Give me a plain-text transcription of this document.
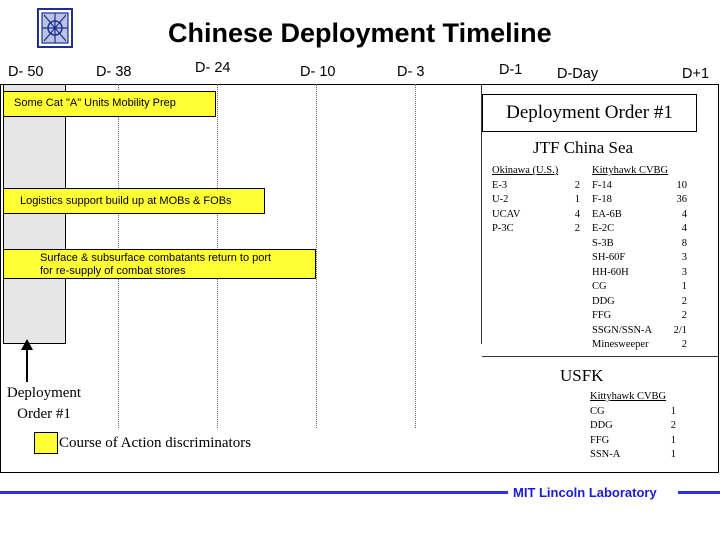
Chinese Deployment Timeline
D- 50	D- 38	D- 24	D- 10	D- 3	D-1 D-Day	D+1
Some Cat "A" Units Mobility Prep
Logistics support build up at MOBs & FOBs
Surface & subsurface combatants return to port for re-supply of combat stores
Deployment Order #1
JTF China Sea
Okinawa (U.S.)
E-3	2
U-2	1
UCAV	4
P-3C	2
Kittyhawk CVBG
F-14	10
F-18	36
EA-6B	4
E-2C	4
S-3B	8
SH-60F	3
HH-60H	3
CG	1
DDG	2
FFG	2
SSGN/SSN-A 2/1
Minesweeper	2
USFK
Kittyhawk CVBG
CG	1
DDG	2
FFG	1
SSN-A	1
Deployment Order #1
Course of Action discriminators
MIT Lincoln Laboratory
